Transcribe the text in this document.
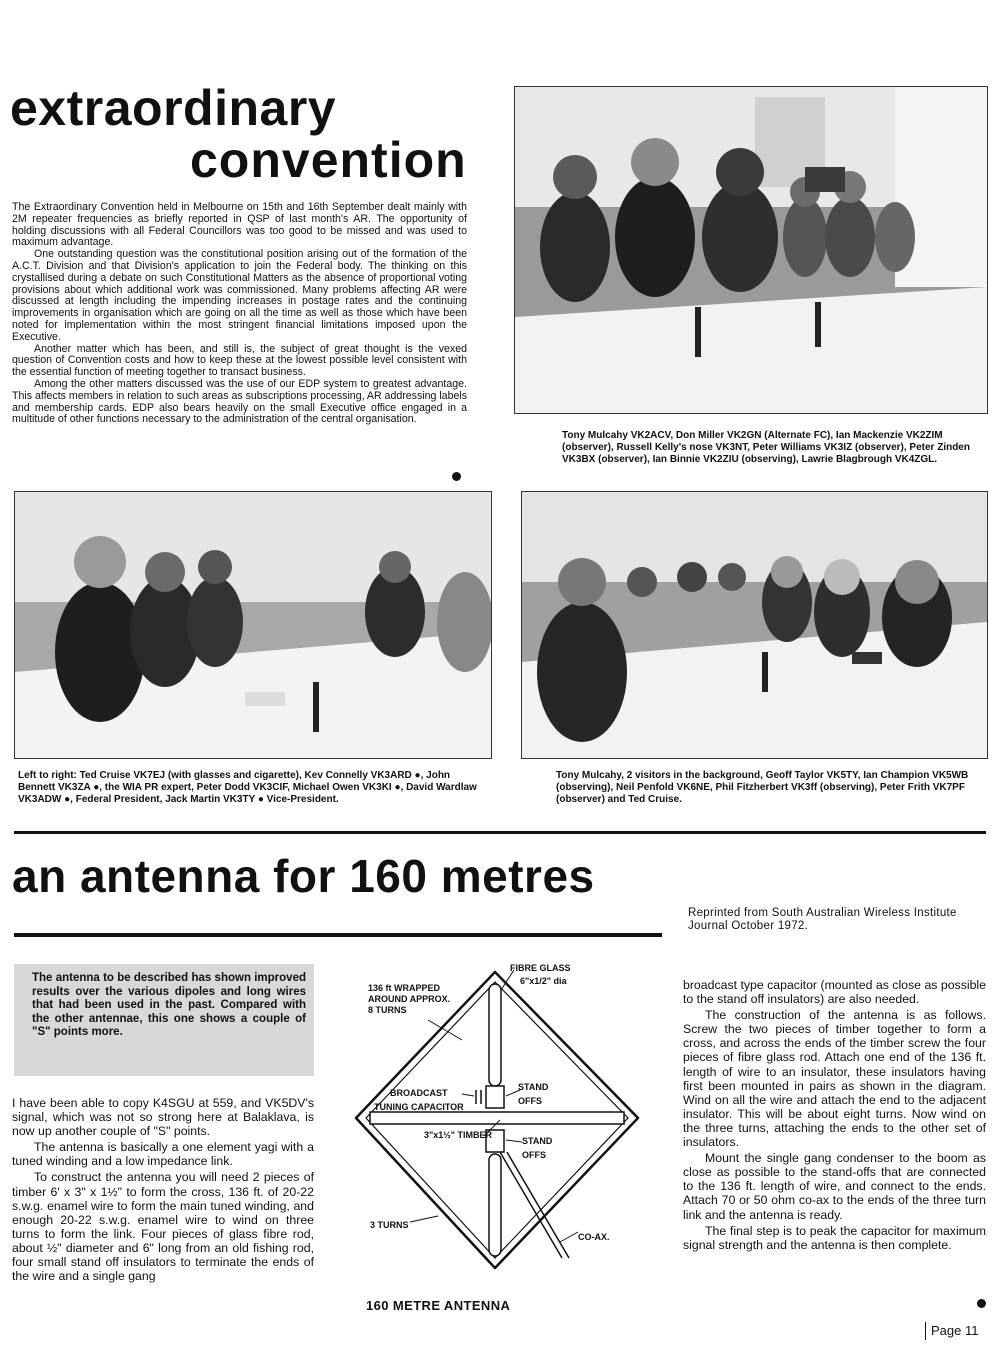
extraordinary
convention

The Extraordinary Convention held in Melbourne on 15th and 16th September dealt mainly with 2M repeater frequencies as briefly reported in QSP of last month's AR. The opportunity of holding discussions with all Federal Councillors was too good to be missed and was used to maximum advantage.

One outstanding question was the constitutional position arising out of the formation of the A.C.T. Division and that Division's application to join the Federal body. The thinking on this crystallised during a debate on such Constitutional Matters as the absence of proportional voting provisions about which additional work was commissioned. Many problems affecting AR were discussed at length including the impending increases in postage rates and the continuing improvements in organisation which are going on all the time as well as those which have been noted for implementation within the most stringent financial limitations imposed upon the Executive.

Another matter which has been, and still is, the subject of great thought is the vexed question of Convention costs and how to keep these at the lowest possible level consistent with the essential function of meeting together to transact business.

Among the other matters discussed was the use of our EDP system to greatest advantage. This affects members in relation to such areas as subscriptions processing, AR addressing labels and membership cards. EDP also bears heavily on the small Executive office engaged in a multitude of other functions necessary to the administration of the central organisation.

Tony Mulcahy VK2ACV, Don Miller VK2GN (Alternate FC), Ian Mackenzie VK2ZIM (observer), Russell Kelly's nose VK3NT, Peter Williams VK3IZ (observer), Peter Zinden VK3BX (observer), Ian Binnie VK2ZIU (observing), Lawrie Blagbrough VK4ZGL.
Left to right: Ted Cruise VK7EJ (with glasses and cigarette), Kev Connelly VK3ARD ●, John Bennett VK3ZA ●, the WIA PR expert, Peter Dodd VK3CIF, Michael Owen VK3KI ●, David Wardlaw VK3ADW ●, Federal President, Jack Martin VK3TY ● Vice-President.
Tony Mulcahy, 2 visitors in the background, Geoff Taylor VK5TY, Ian Champion VK5WB (observing), Neil Penfold VK6NE, Phil Fitzherbert VK3ff (observing), Peter Frith VK7PF (observer) and Ted Cruise.
an antenna for 160 metres
Reprinted from South Australian Wireless Institute Journal October 1972.
The antenna to be described has shown improved results over the various dipoles and long wires that had been used in the past. Compared with the other antennae, this one shows a couple of "S" points more.

I have been able to copy K4SGU at 559, and VK5DV's signal, which was not so strong here at Balaklava, is now up another couple of "S" points.

The antenna is basically a one element yagi with a tuned winding and a low impedance link.

To construct the antenna you will need 2 pieces of timber 6' x 3" x 1½" to form the cross, 136 ft. of 20-22 s.w.g. enamel wire to form the main tuned winding, and enough 20-22 s.w.g. enamel wire to wind on three turns to form the link. Four pieces of glass fibre rod, about ½" diameter and 6" long from an old fishing rod, four small stand off insulators to terminate the ends of the wire and a single gang

FIBRE GLASS
6"x1/2" dia
136 ft WRAPPED
AROUND APPROX.
8 TURNS
BROADCAST
TUNING CAPACITOR
STAND
OFFS
3"x1½" TIMBER
STAND
OFFS
3 TURNS
CO-AX.
160 METRE ANTENNA

broadcast type capacitor (mounted as close as possible to the stand off insulators) are also needed.

The construction of the antenna is as follows. Screw the two pieces of timber together to form a cross, and across the ends of the timber screw the four pieces of fibre glass rod. Attach one end of the 136 ft. length of wire to an insulator, these insulators having first been mounted in pairs as shown in the diagram. Wind on all the wire and attach the end to the adjacent insulator. This will be about eight turns. Now wind on the three turns, attaching the ends to the other set of insulators.

Mount the single gang condenser to the boom as close as possible to the stand-offs that are connected to the 136 ft. length of wire, and connect to the ends. Attach 70 or 50 ohm co-ax to the ends of the three turn link and the antenna is ready.

The final step is to peak the capacitor for maximum signal strength and the antenna is then complete.

Page 11
